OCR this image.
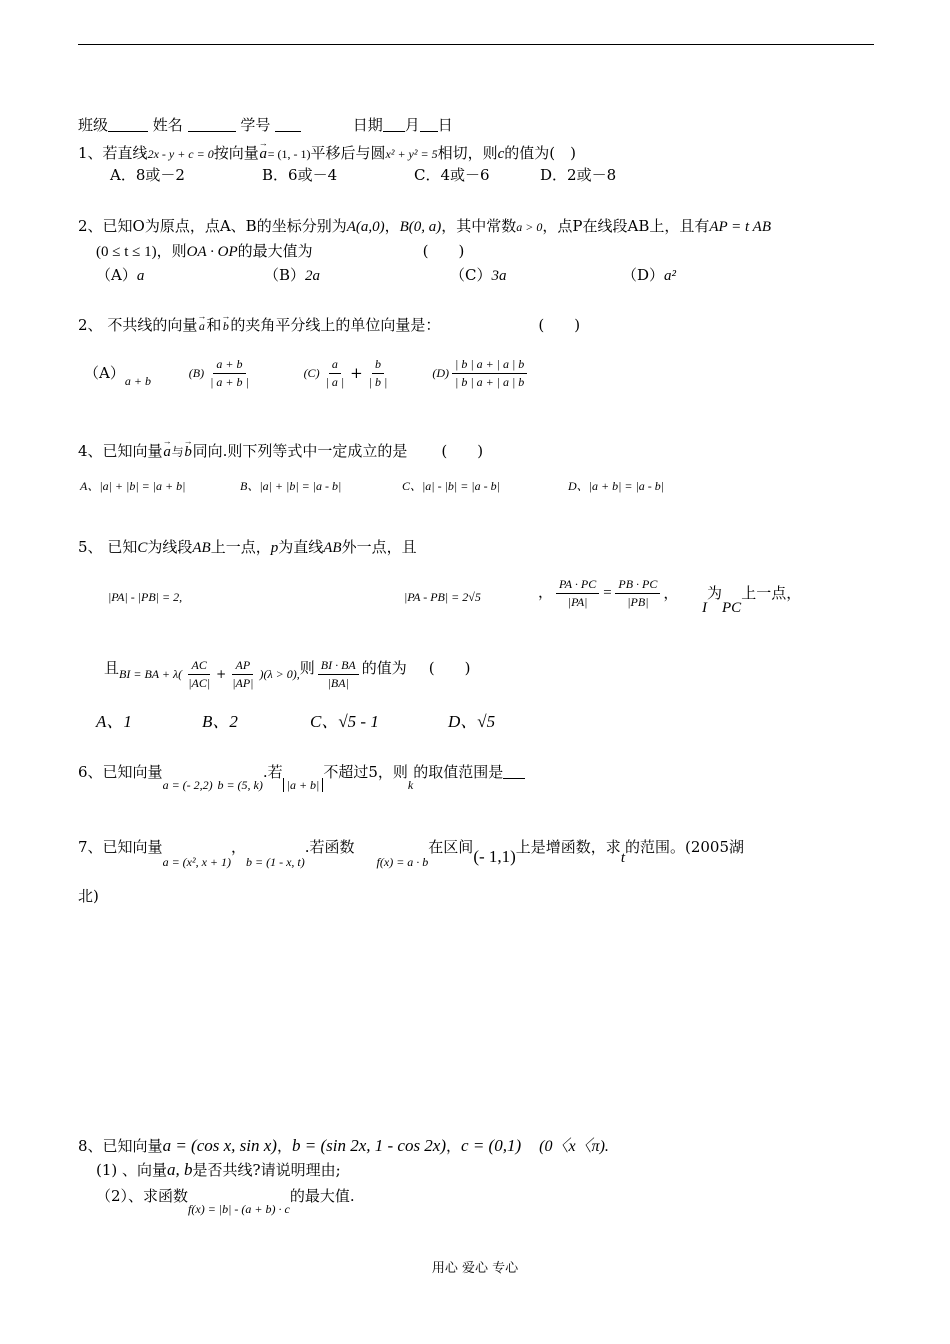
班级	姓名	学号	日期 月 日
1、若直线2x - y + c = 0按向量
→
a= (1, - 1)平移后与圆x² + y² = 5相切，则c的值为(　)
A．8或－2	B．6或－4	C．4或－6	D．2或－8
2、已知O为原点，点A、B的坐标分别为A(a,0)，B(0, a)，其中常数a > 0，点P在线段AB上，且有AP = t AB
(0 ≤ t ≤ 1)，则OA · OP的最大值为	(　　)
（A）a	（B）2a	（C）3a	（D）a²
2、 不共线的向量 →
a 和 →
b 的夹角平分线上的单位向量是：	(　　)
$(A)_{a + b}$ $(B) \frac{a + b}{| a + b |}$	$(C) \frac{a}{| a |} + \frac{b}{| b |}$	$(D) \frac{| b | a + | a | b}{| b | a + | a | b}$
4、已知向量
→
a与
→
b同向.则下列等式中一定成立的是 (　　)
A、|a| + |b| = |a + b|	B、|a| + |b| = |a - b|	C、|a| - |b| = |a - b|	D、|a + b| = |a - b|
5、 已知C为线段AB上一点，p为直线AB外一点，且
|PA| - |PB| = 2,	|PA - PB| = 2√5	， $\frac{PA \cdot PC}{|PA|} = \frac{PB \cdot PC}{|PB|}$ ，
I为PC上一点，
且BI = BA + $\lambda( \frac{AC}{|AC|} + \frac{AP}{|AP|} )(\lambda > 0)$,则 $\frac{BI \cdot BA}{|BA|}$ 的值为 (　　)
A、1	B、2	C、√5 - 1	D、√5
6、已知向量$_{a = (- 2,2)}$ $_{b = (5, k)}$.若$_{|a + b|}$不超过5，则$_k$的取值范围是
7、已知向量$_{a = (x^2, x + 1)}$，$_{b = (1 - x, t)}$.若函数$_{f(x) = a \cdot b}$在区间(- 1,1)上是增函数，求t的范围。(2005湖
北)
8、已知向量a = (cos x, sin x)，b = (sin 2x, 1 - cos 2x)，c = (0,1) (0〈x〈π).
(1) 、向量a, b是否共线?请说明理由;
（2）、求函数$_{f(x) = |b| - (a + b) \cdot c}$的最大值.
用心 爱心 专心
